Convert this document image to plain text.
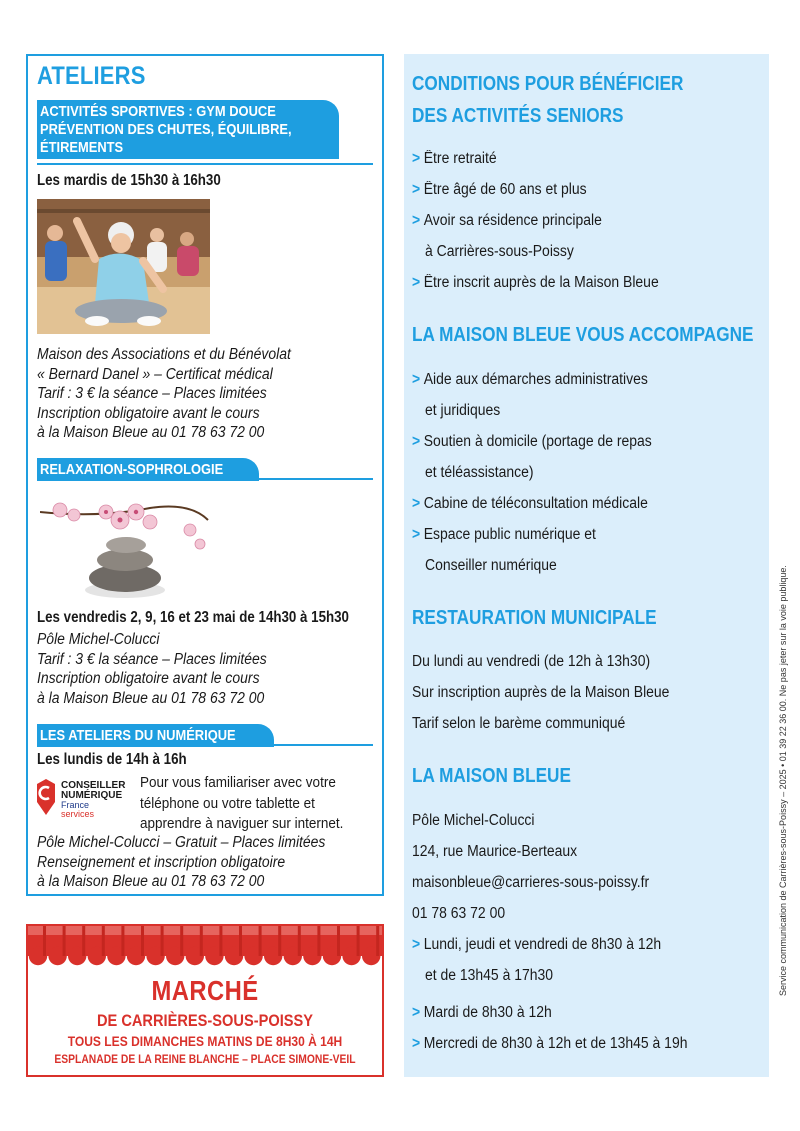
ATELIERS
ACTIVITÉS SPORTIVES : GYM DOUCE
PRÉVENTION DES CHUTES, ÉQUILIBRE,
ÉTIREMENTS
Les mardis de 15h30 à 16h30
Maison des Associations et du Bénévolat
« Bernard Danel » – Certificat médical
Tarif : 3 € la séance – Places limitées
Inscription obligatoire avant le cours
à la Maison Bleue au 01 78 63 72 00
RELAXATION-SOPHROLOGIE
Les vendredis 2, 9, 16 et 23 mai de 14h30 à 15h30
Pôle Michel-Colucci
Tarif : 3 € la séance – Places limitées
Inscription obligatoire avant le cours
à la Maison Bleue au 01 78 63 72 00
LES ATELIERS DU NUMÉRIQUE
Les lundis de 14h à 16h
CONSEILLER
NUMÉRIQUE
France
services
Pour vous familiariser avec votre
téléphone ou votre tablette et
apprendre à naviguer sur internet.
Pôle Michel-Colucci – Gratuit – Places limitées
Renseignement et inscription obligatoire
à la Maison Bleue au 01 78 63 72 00
MARCHÉ
DE CARRIÈRES-SOUS-POISSY
TOUS LES DIMANCHES MATINS DE 8H30 À 14H
ESPLANADE DE LA REINE BLANCHE – PLACE SIMONE-VEIL
CONDITIONS POUR BÉNÉFICIER
DES ACTIVITÉS SENIORS
> Être retraité
> Être âgé de 60 ans et plus
> Avoir sa résidence principale
à Carrières-sous-Poissy
> Être inscrit auprès de la Maison Bleue
LA MAISON BLEUE VOUS ACCOMPAGNE
> Aide aux démarches administratives
et juridiques
> Soutien à domicile (portage de repas
et téléassistance)
> Cabine de téléconsultation médicale
> Espace public numérique et
Conseiller numérique
RESTAURATION MUNICIPALE
Du lundi au vendredi (de 12h à 13h30)
Sur inscription auprès de la Maison Bleue
Tarif selon le barème communiqué
LA MAISON BLEUE
Pôle Michel-Colucci
124, rue Maurice-Berteaux
maisonbleue@carrieres-sous-poissy.fr
01 78 63 72 00
> Lundi, jeudi et vendredi de 8h30 à 12h
et de 13h45 à 17h30
> Mardi de 8h30 à 12h
> Mercredi de 8h30 à 12h et de 13h45 à 19h
Service communication de Carrières-sous-Poissy – 2025 • 01 39 22 36 00. Ne pas jeter sur la voie publique.
